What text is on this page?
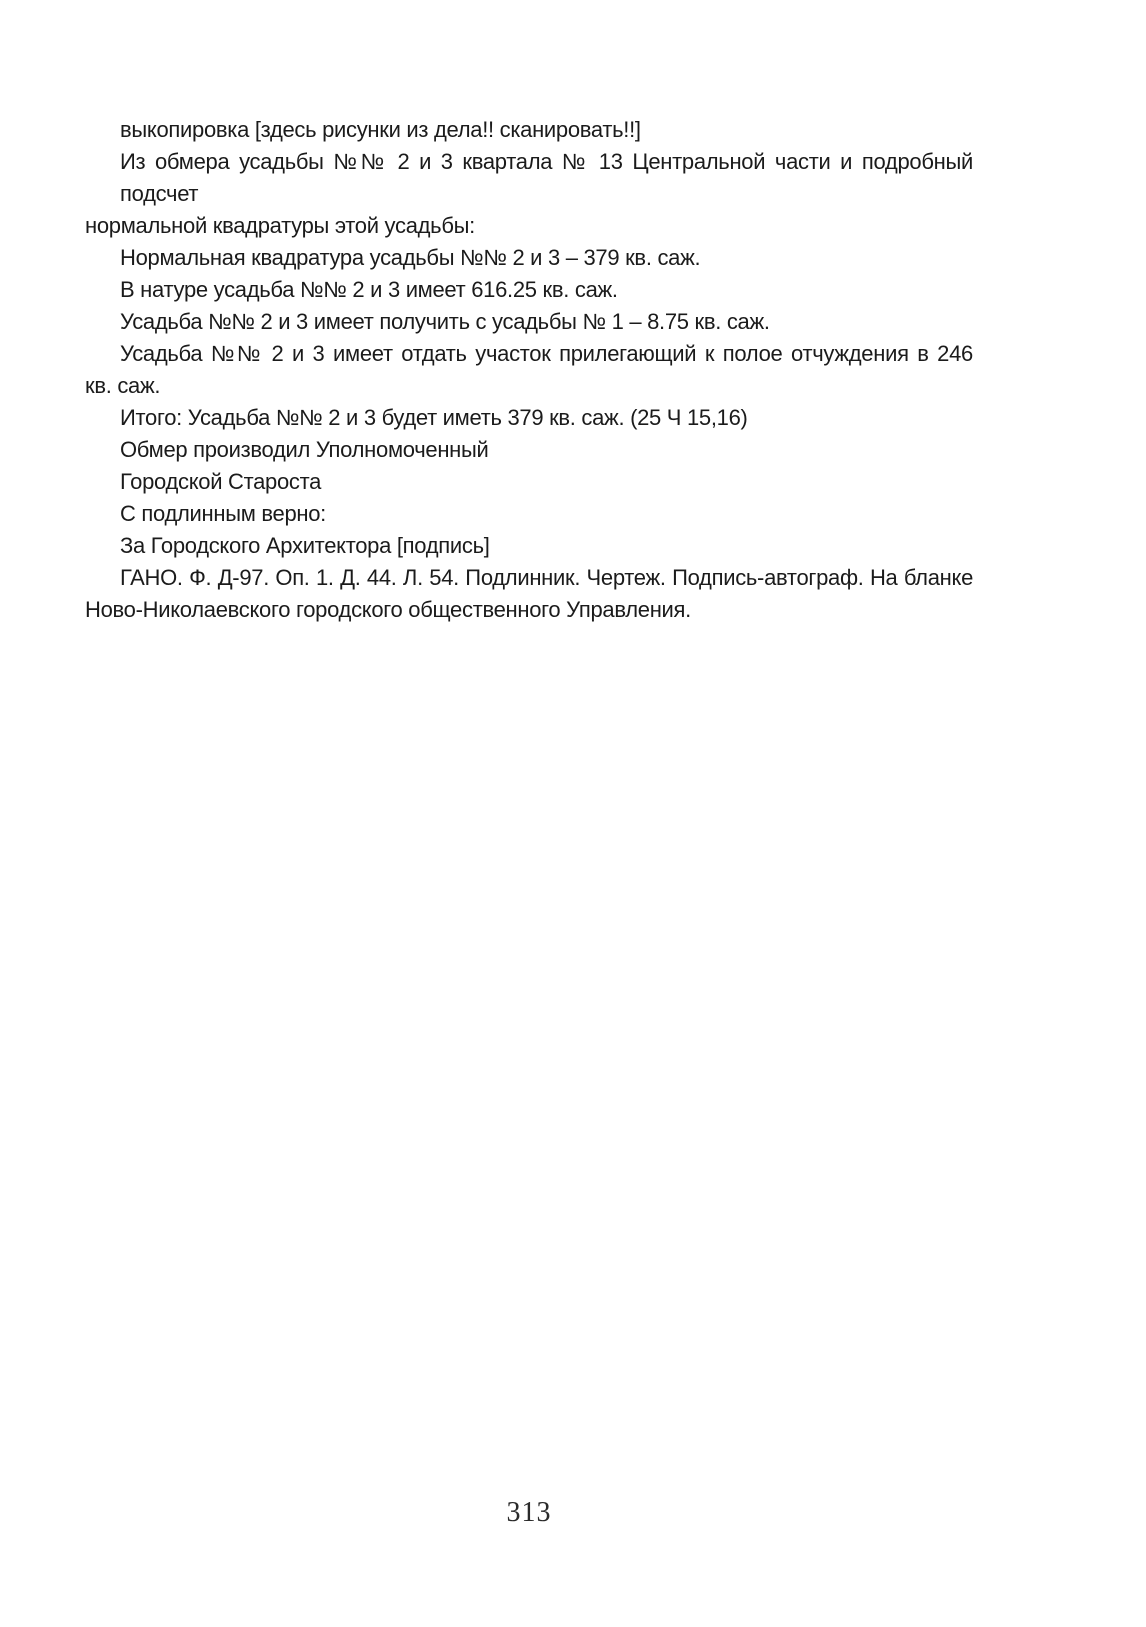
выкопировка [здесь рисунки из дела!! сканировать!!]
Из обмера усадьбы №№ 2 и 3 квартала № 13 Центральной части и подробный подсчет
нормальной квадратуры этой усадьбы:
Нормальная квадратура усадьбы №№ 2 и 3 – 379 кв. саж.
В натуре усадьба №№ 2 и 3 имеет 616.25 кв. саж.
Усадьба №№ 2 и 3 имеет получить с усадьбы № 1 – 8.75 кв. саж.
Усадьба №№ 2 и 3 имеет отдать участок прилегающий к полое отчуждения в 246
кв. саж.
Итого: Усадьба №№ 2 и 3 будет иметь 379 кв. саж. (25 Ч 15,16)
Обмер производил Уполномоченный
Городской Староста
С подлинным верно:
За Городского Архитектора [подпись]
ГАНО. Ф. Д-97. Оп. 1. Д. 44. Л. 54. Подлинник. Чертеж. Подпись-автограф. На бланке
Ново-Николаевского городского общественного Управления.
313
